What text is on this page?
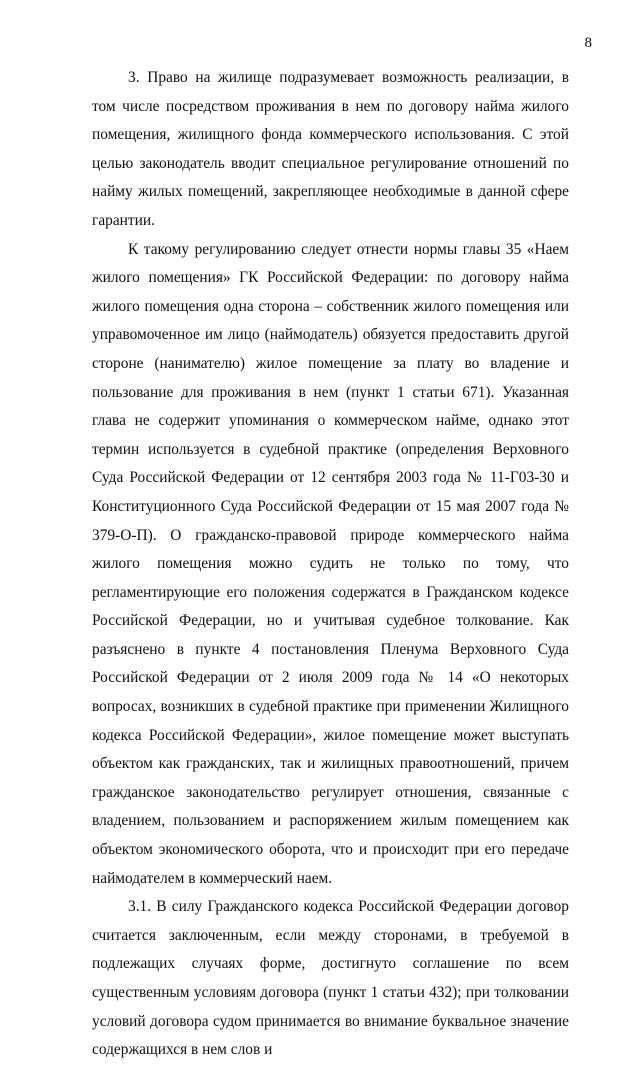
8

3. Право на жилище подразумевает возможность реализации, в том числе посредством проживания в нем по договору найма жилого помещения, жилищного фонда коммерческого использования. С этой целью законодатель вводит специальное регулирование отношений по найму жилых помещений, закрепляющее необходимые в данной сфере гарантии.

К такому регулированию следует отнести нормы главы 35 «Наем жилого помещения» ГК Российской Федерации: по договору найма жилого помещения одна сторона – собственник жилого помещения или управомоченное им лицо (наймодатель) обязуется предоставить другой стороне (нанимателю) жилое помещение за плату во владение и пользование для проживания в нем (пункт 1 статьи 671). Указанная глава не содержит упоминания о коммерческом найме, однако этот термин используется в судебной практике (определения Верховного Суда Российской Федерации от 12 сентября 2003 года № 11-Г03-30 и Конституционного Суда Российской Федерации от 15 мая 2007 года № 379-О-П). О гражданско-правовой природе коммерческого найма жилого помещения можно судить не только по тому, что регламентирующие его положения содержатся в Гражданском кодексе Российской Федерации, но и учитывая судебное толкование. Как разъяснено в пункте 4 постановления Пленума Верховного Суда Российской Федерации от 2 июля 2009 года № 14 «О некоторых вопросах, возникших в судебной практике при применении Жилищного кодекса Российской Федерации», жилое помещение может выступать объектом как гражданских, так и жилищных правоотношений, причем гражданское законодательство регулирует отношения, связанные с владением, пользованием и распоряжением жилым помещением как объектом экономического оборота, что и происходит при его передаче наймодателем в коммерческий наем.

3.1. В силу Гражданского кодекса Российской Федерации договор считается заключенным, если между сторонами, в требуемой в подлежащих случаях форме, достигнуто соглашение по всем существенным условиям договора (пункт 1 статьи 432); при толковании условий договора судом принимается во внимание буквальное значение содержащихся в нем слов и
